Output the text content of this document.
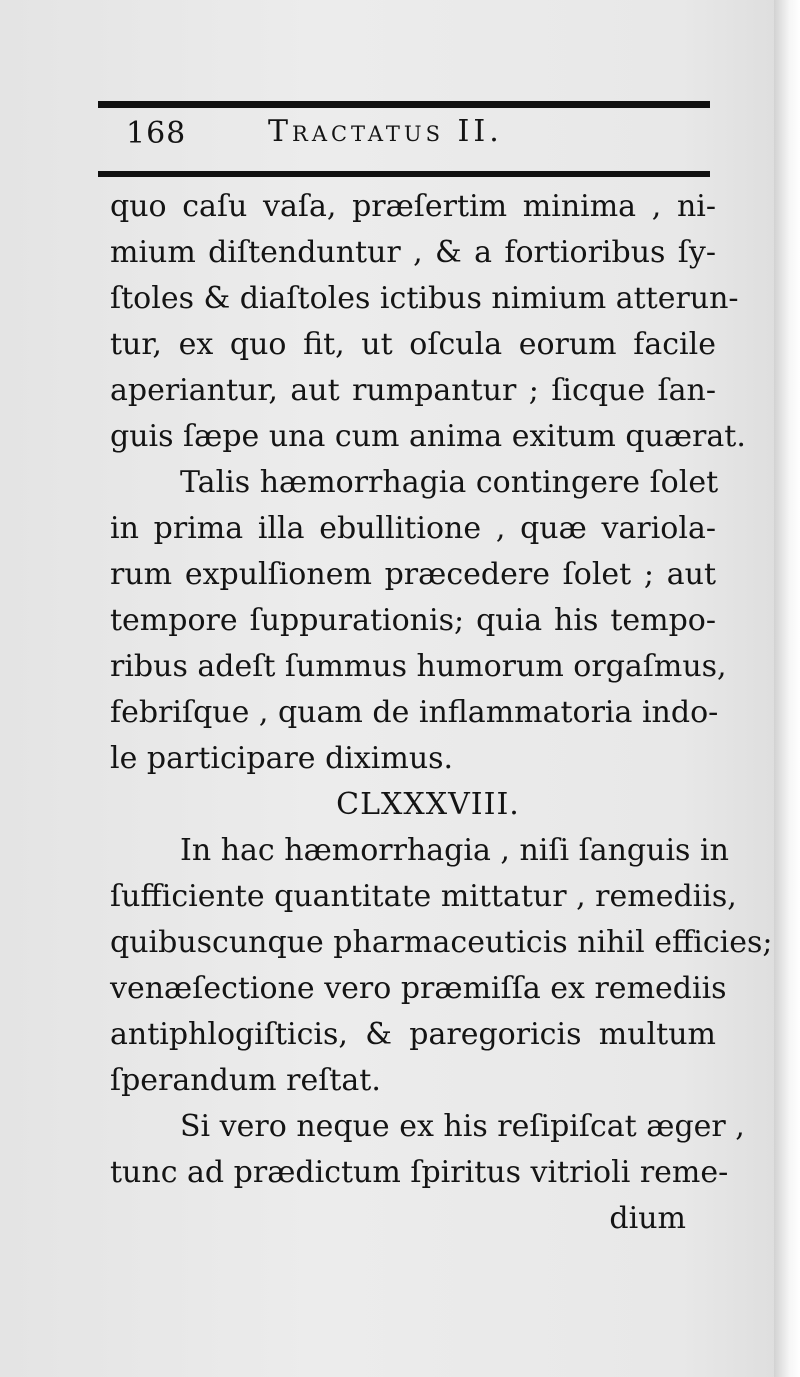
168	Tractatus II.
quo caſu vaſa, præſertim minima , ni-
mium diſtenduntur , & a fortioribus ſy-
ſtoles & diaſtoles ictibus nimium atterun-
tur, ex quo fit, ut oſcula eorum facile
aperiantur, aut rumpantur ; ſicque ſan-
guis ſæpe una cum anima exitum quærat.
Talis hæmorrhagia contingere ſolet
in prima illa ebullitione , quæ variola-
rum expulſionem præcedere ſolet ; aut
tempore ſuppurationis; quia his tempo-
ribus adeſt ſummus humorum orgaſmus,
febriſque , quam de inflammatoria indo-
le participare diximus.
CLXXXVIII.
In hac hæmorrhagia , niſi ſanguis in
ſufficiente quantitate mittatur , remediis,
quibuscunque pharmaceuticis nihil efficies;
venæſectione vero præmiſſa ex remediis
antiphlogiſticis, & paregoricis multum
ſperandum reſtat.
Si vero neque ex his reſipiſcat æger ,
tunc ad prædictum ſpiritus vitrioli reme-
dium
